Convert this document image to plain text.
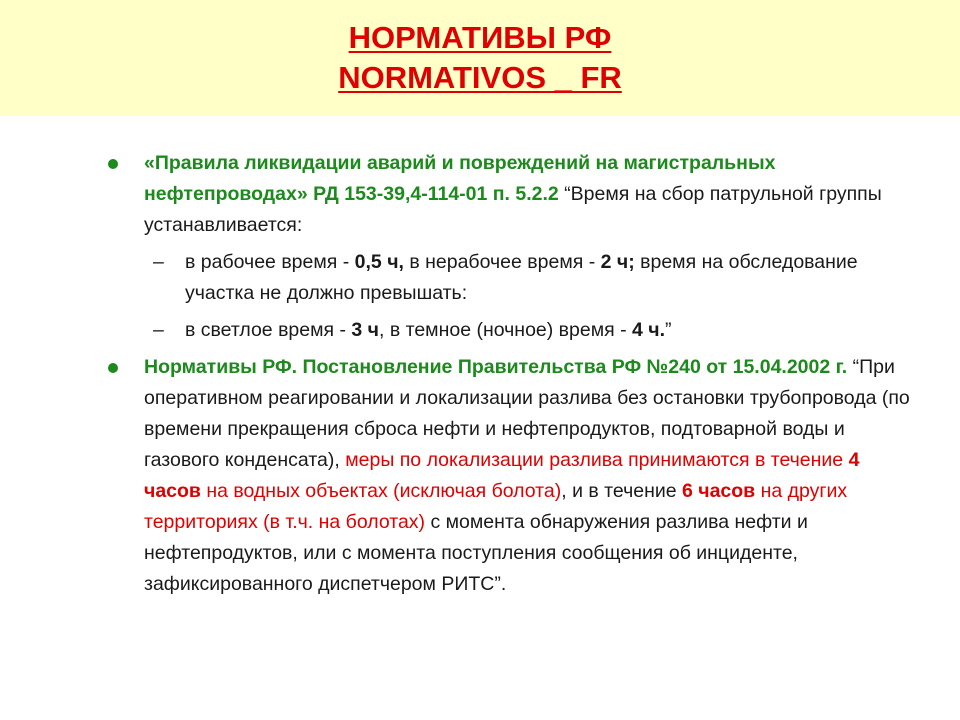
НОРМАТИВЫ РФ
NORMATIVOS _ FR
«Правила ликвидации аварий и повреждений на магистральных нефтепроводах» РД 153-39,4-114-01 п. 5.2.2 “Время на сбор патрульной группы устанавливается:
– в рабочее время - 0,5 ч, в нерабочее время - 2 ч; время на обследование участка не должно превышать:
– в светлое время - 3 ч, в темное (ночное) время - 4 ч.”
Нормативы РФ. Постановление Правительства РФ №240 от 15.04.2002 г. “При оперативном реагировании и локализации разлива без остановки трубопровода (по времени прекращения сброса нефти и нефтепродуктов, подтоварной воды и газового конденсата), меры по локализации разлива принимаются в течение 4 часов на водных объектах (исключая болота), и в течение 6 часов на других территориях (в т.ч. на болотах) с момента обнаружения разлива нефти и нефтепродуктов, или с момента поступления сообщения об инциденте, зафиксированного диспетчером РИТС”.
